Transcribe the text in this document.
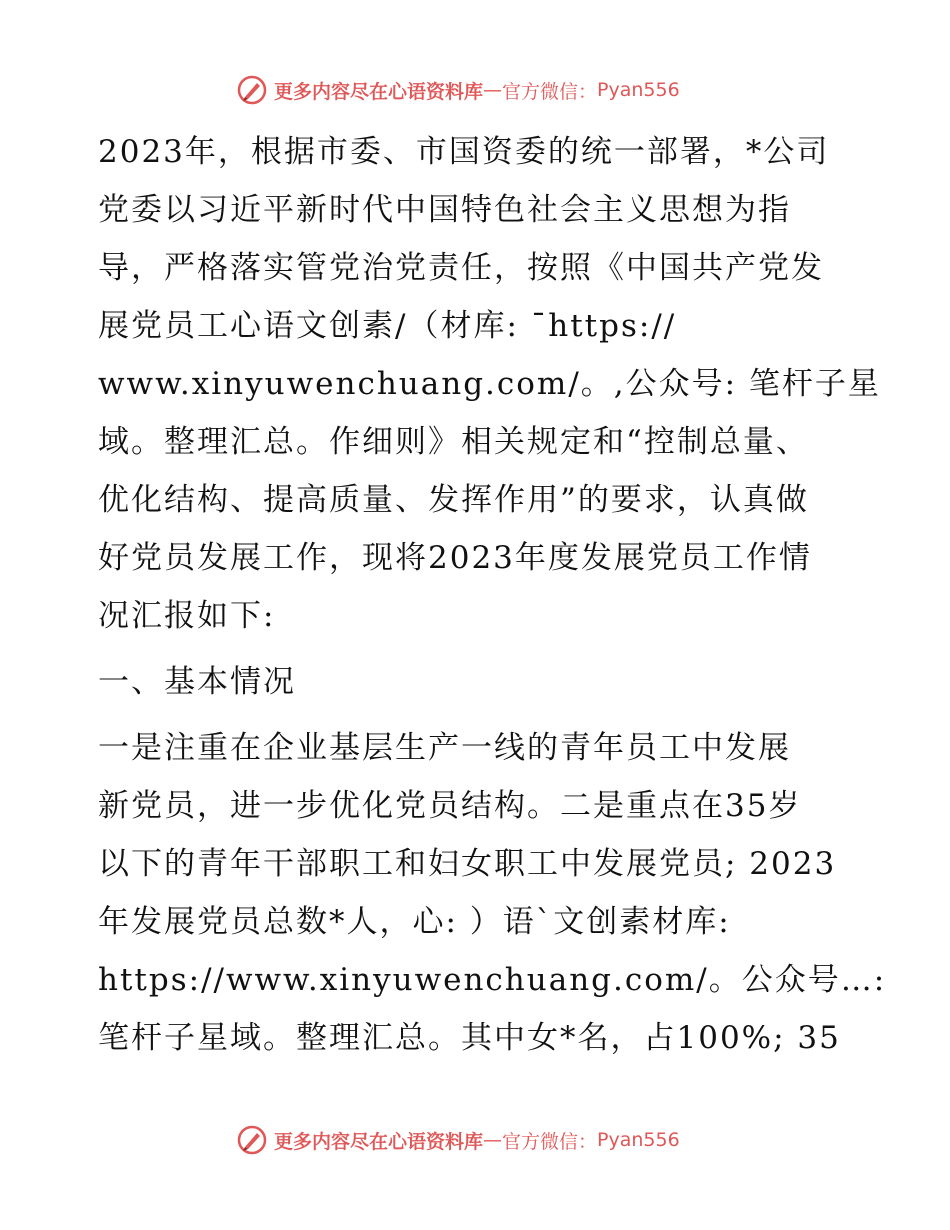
更多内容尽在心语资料库 — 官方微信： Pyan556
2023年，根据市委、市国资委的统一部署，*公司
党委以习近平新时代中国特色社会主义思想为指
导，严格落实管党治党责任，按照《中国共产党发
展党员工心语文创素/（材库: ¯https://
www.xinyuwenchuang.com/。,公众号: 笔杆子星
域。整理汇总。作细则》相关规定和“控制总量、
优化结构、提高质量、发挥作用”的要求，认真做
好党员发展工作，现将2023年度发展党员工作情
况汇报如下:
一、基本情况
一是注重在企业基层生产一线的青年员工中发展
新党员，进一步优化党员结构。二是重点在35岁
以下的青年干部职工和妇女职工中发展党员; 2023
年发展党员总数*人，心: ）语`文创素材库:
https://www.xinyuwenchuang.com/。公众号…:
笔杆子星域。整理汇总。其中女*名，占100%; 35
更多内容尽在心语资料库 — 官方微信： Pyan556
